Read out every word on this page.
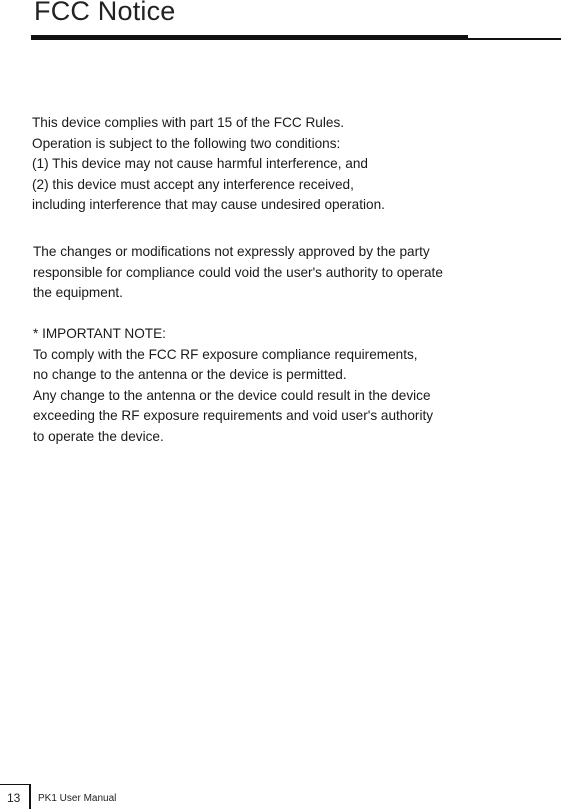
FCC Notice

This device complies with part 15 of the FCC Rules.
Operation is subject to the following two conditions:
(1) This device may not cause harmful interference, and
(2) this device must accept any interference received,
including interference that may cause undesired operation.

The changes or modifications not expressly approved by the party
responsible for compliance could void the user's authority to operate
the equipment.

* IMPORTANT NOTE:
To comply with the FCC RF exposure compliance requirements,
no change to the antenna or the device is permitted.
Any change to the antenna or the device could result in the device
exceeding the RF exposure requirements and void user's authority
to operate the device.

13 PK1 User Manual
